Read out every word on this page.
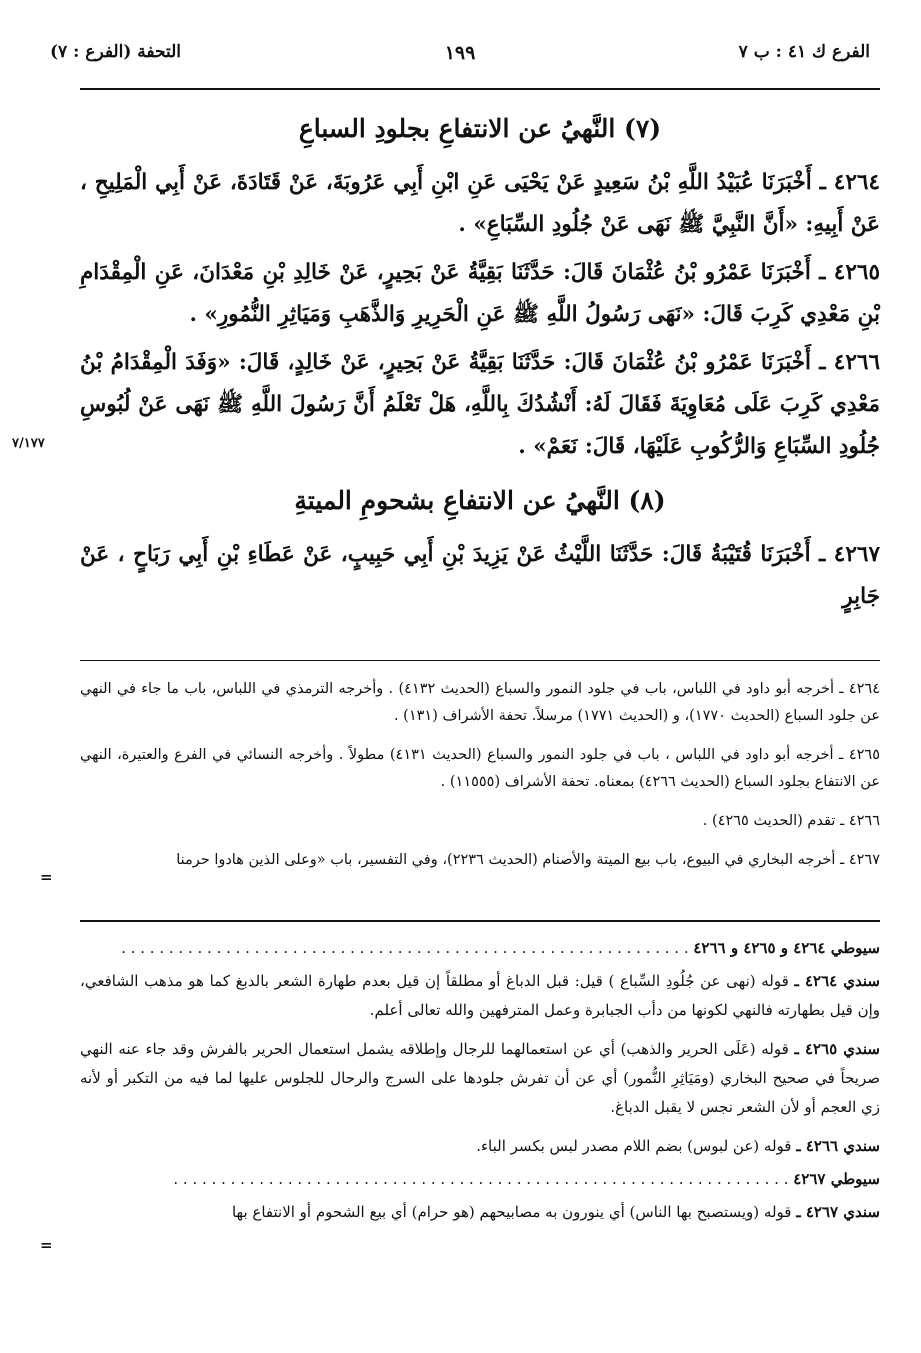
الفرع ك ٤١ : ب ٧
١٩٩
التحفة (الفرع : ٧)
٧/١٧٧
(٧) النَّهيُ عن الانتفاعِ بجلودِ السباعِ

٤٢٦٤ ـ أَخْبَرَنَا عُبَيْدُ اللَّهِ بْنُ سَعِيدٍ عَنْ يَحْيَى عَنِ ابْنِ أَبِي عَرُوبَةَ، عَنْ قَتَادَةَ، عَنْ أَبِي الْمَلِيحِ ، عَنْ أَبِيهِ: «أَنَّ النَّبِيَّ ﷺ نَهَى عَنْ جُلُودِ السِّبَاعِ» .

٤٢٦٥ ـ أَخْبَرَنَا عَمْرُو بْنُ عُثْمَانَ قَالَ: حَدَّثَنَا بَقِيَّةُ عَنْ بَحِيرٍ، عَنْ خَالِدِ بْنِ مَعْدَانَ، عَنِ الْمِقْدَامِ بْنِ مَعْدِي كَرِبَ قَالَ: «نَهَى رَسُولُ اللَّهِ ﷺ عَنِ الْحَرِيرِ وَالذَّهَبِ وَمَيَاثِرِ النُّمُورِ» .

٤٢٦٦ ـ أَخْبَرَنَا عَمْرُو بْنُ عُثْمَانَ قَالَ: حَدَّثَنَا بَقِيَّةُ عَنْ بَحِيرٍ، عَنْ خَالِدٍ، قَالَ: «وَفَدَ الْمِقْدَامُ بْنُ مَعْدِي كَرِبَ عَلَى مُعَاوِيَةَ فَقَالَ لَهُ: أَنْشُدُكَ بِاللَّهِ، هَلْ تَعْلَمُ أَنَّ رَسُولَ اللَّهِ ﷺ نَهَى عَنْ لُبُوسِ جُلُودِ السِّبَاعِ وَالرُّكُوبِ عَلَيْهَا، قَالَ: نَعَمْ» .

(٨) النَّهيُ عن الانتفاعِ بشحومِ الميتةِ

٤٢٦٧ ـ أَخْبَرَنَا قُتَيْبَةُ قَالَ: حَدَّثَنَا اللَّيْثُ عَنْ يَزِيدَ بْنِ أَبِي حَبِيبٍ، عَنْ عَطَاءِ بْنِ أَبِي رَبَاحٍ ، عَنْ جَابِرٍ

٤٢٦٤ ـ أخرجه أبو داود في اللباس، باب في جلود النمور والسباع (الحديث ٤١٣٢) . وأخرجه الترمذي في اللباس، باب ما جاء في النهي عن جلود السباع (الحديث ١٧٧٠)، و (الحديث ١٧٧١) مرسلاً. تحفة الأشراف (١٣١) .

٤٢٦٥ ـ أخرجه أبو داود في اللباس ، باب في جلود النمور والسباع (الحديث ٤١٣١) مطولاً . وأخرجه النسائي في الفرع والعتيرة، النهي عن الانتفاع بجلود السباع (الحديث ٤٢٦٦) بمعناه. تحفة الأشراف (١١٥٥٥) .

٤٢٦٦ ـ تقدم (الحديث ٤٢٦٥) .

٤٢٦٧ ـ أخرجه البخاري في البيوع، باب بيع الميتة والأصنام (الحديث ٢٢٣٦)، وفي التفسير، باب «وعلى الذين هادوا حرمنا

=

سيوطي ٤٢٦٤ و ٤٢٦٥ و ٤٢٦٦ . . . . . . . . . . . . . . . . . . . . . . . . . . . . . . . . . . . . . . . . . . . . . . . . . . . . . . . . . . . .

سندي ٤٢٦٤ ـ قوله (نهى عن جُلُودِ السِّباع ) قيل: قبل الدباغ أو مطلقاً إن قيل بعدم طهارة الشعر بالدبغ كما هو مذهب الشافعي، وإن قيل بطهارته فالنهي لكونها من دأب الجبابرة وعمل المترفهين والله تعالى أعلم.

سندي ٤٢٦٥ ـ قوله (عَلَى الحرير والذهب) أي عن استعمالهما للرجال وإطلاقه يشمل استعمال الحرير بالفرش وقد جاء عنه النهي صريحاً في صحيح البخاري (ومَيَاثِرِ النُّمور) أي عن أن تفرش جلودها على السرج والرحال للجلوس عليها لما فيه من التكبر أو لأنه زي العجم أو لأن الشعر نجس لا يقبل الدباغ.

سندي ٤٢٦٦ ـ قوله (عن لبوس) بضم اللام مصدر لبس بكسر الباء.

سيوطي ٤٢٦٧ . . . . . . . . . . . . . . . . . . . . . . . . . . . . . . . . . . . . . . . . . . . . . . . . . . . . . . . . . . . . . . . . .

سندي ٤٢٦٧ ـ قوله (ويستصبح بها الناس) أي ينورون به مصابيحهم (هو حرام) أي بيع الشحوم أو الانتفاع بها

=
